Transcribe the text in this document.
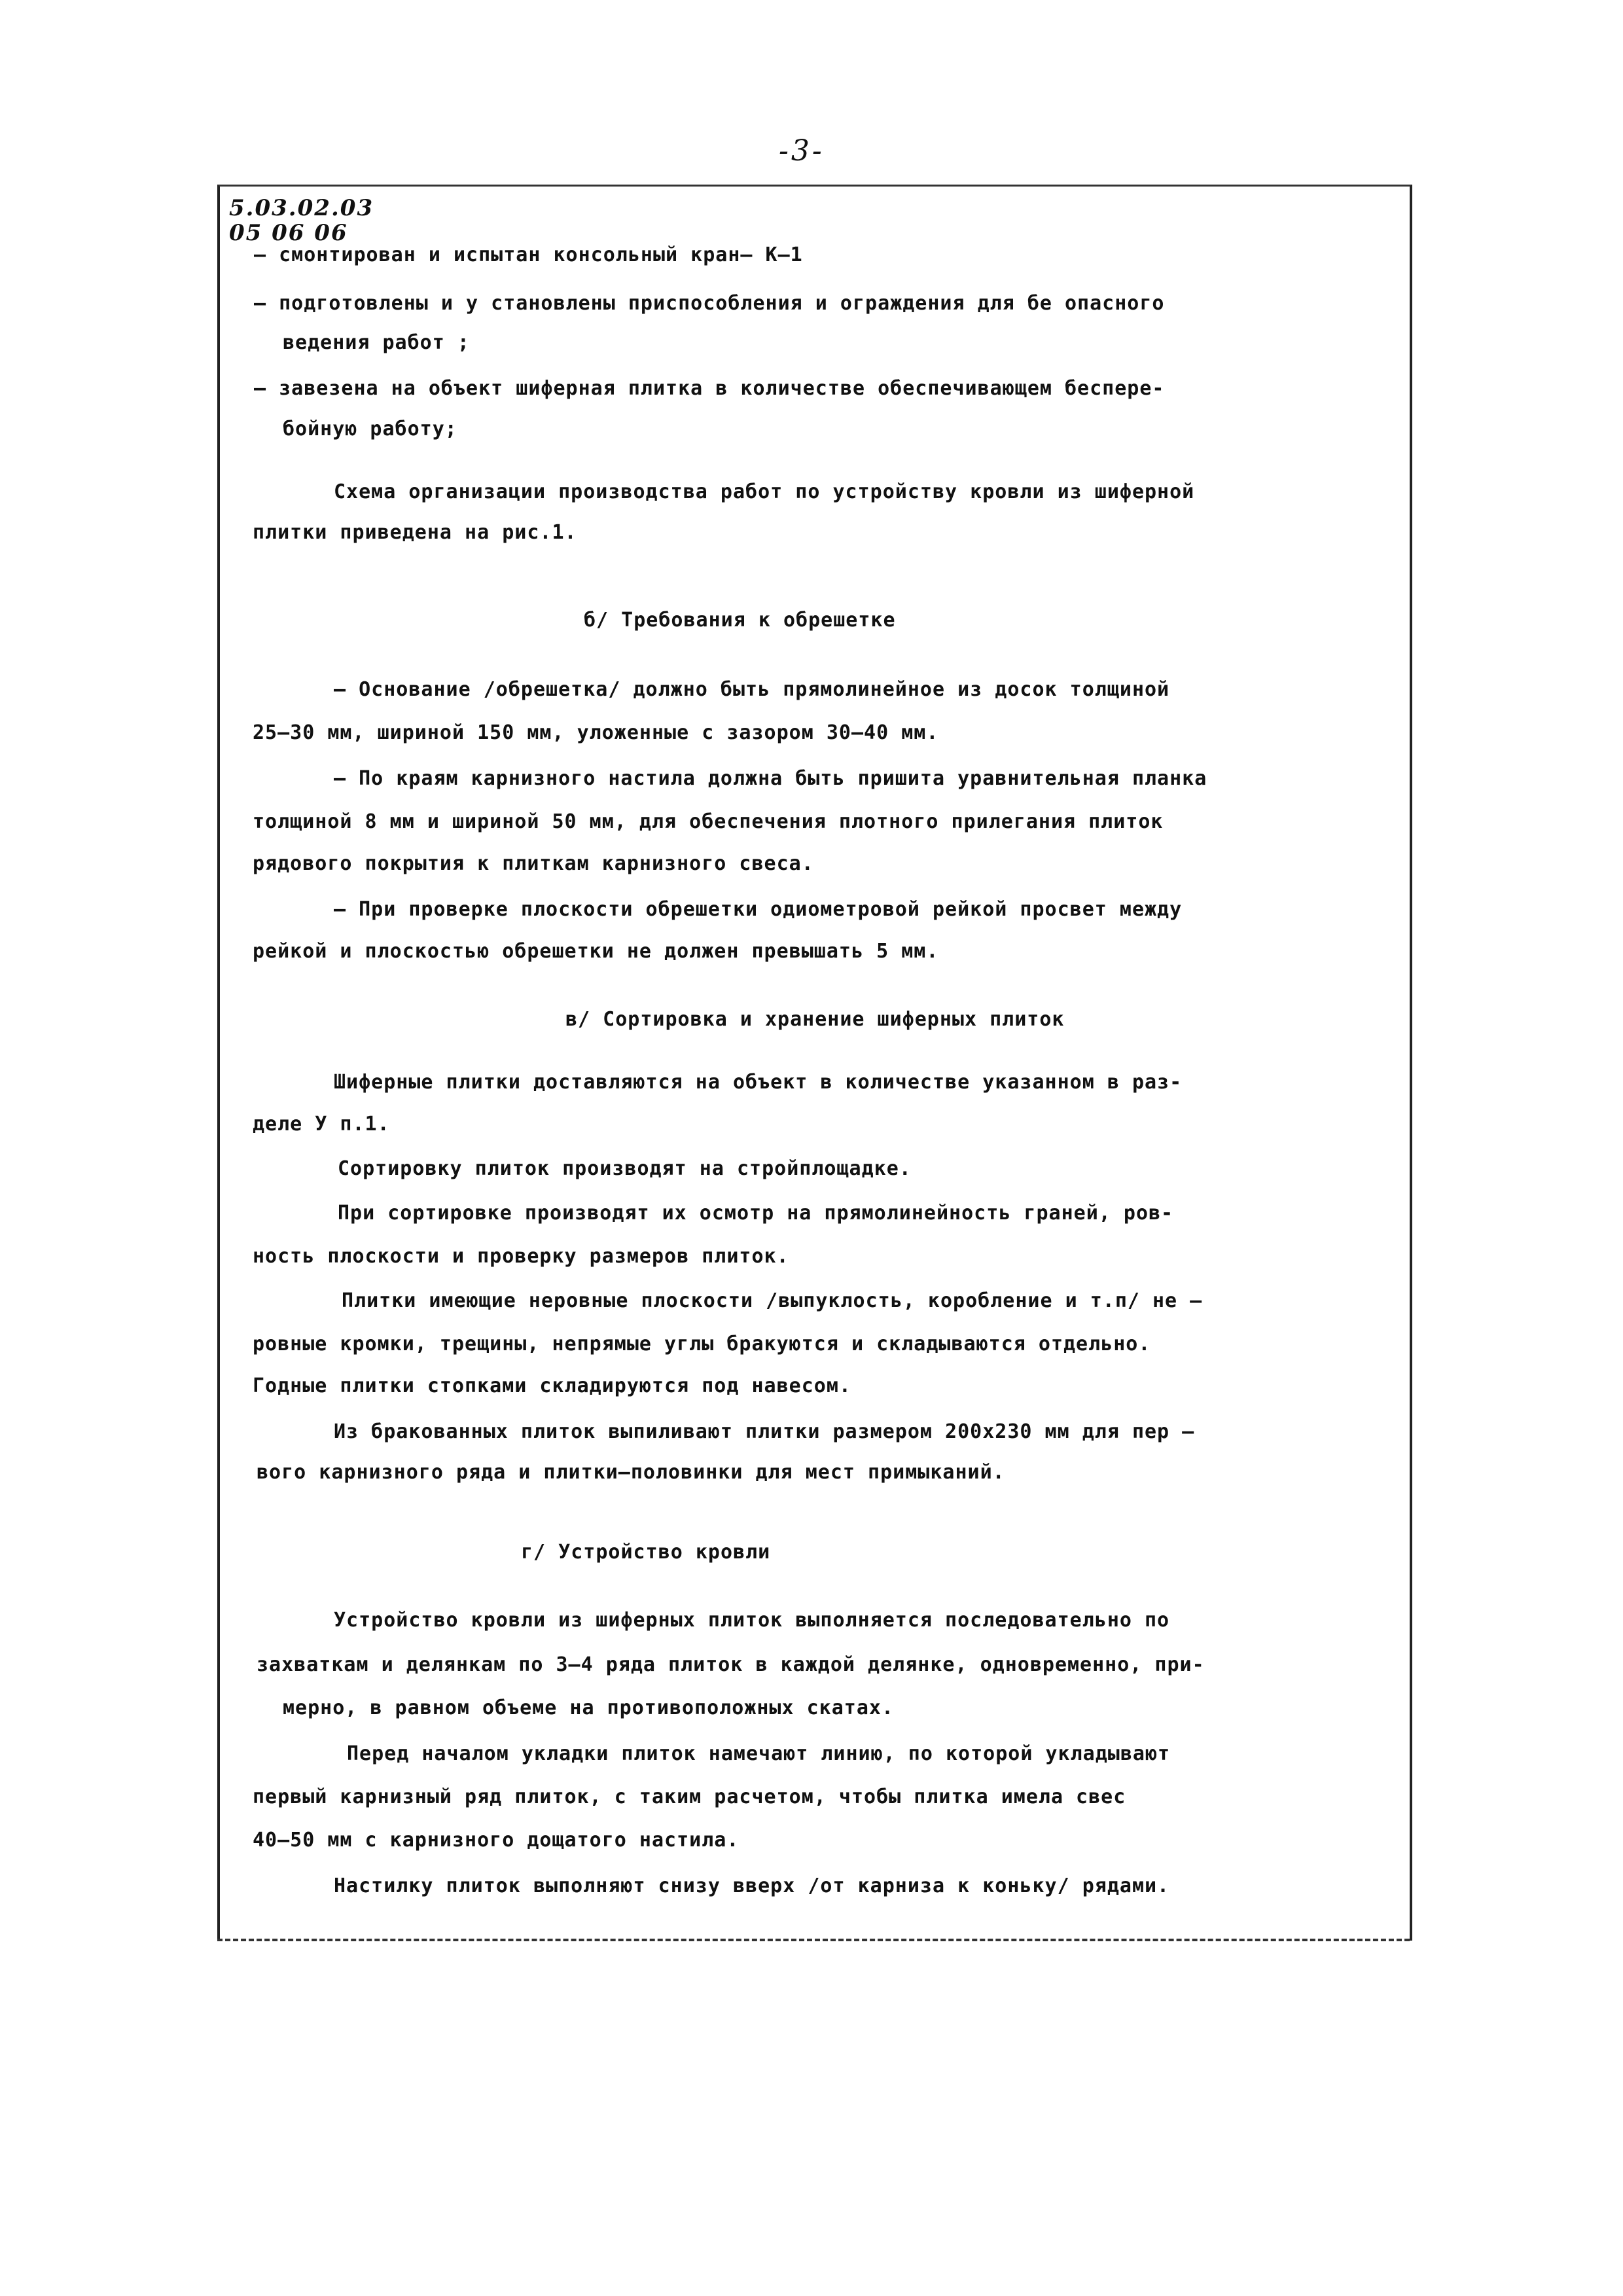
-3-
5.03.02.03
05 06 06
– смонтирован и испытан консольный кран– К–1
– подготовлены и у становлены приспособления и ограждения для бе опасного
ведения работ ;
– завезена на объект шиферная плитка в количестве обеспечивающем бесперe-
бойную работу;
Схема организации производства работ по устройству кровли из шиферной
плитки приведена на рис.1.
б/ Требования к обрешетке
– Основание /обрешетка/ должно быть прямолинейное из досок толщиной
25–30 мм, шириной 150 мм, уложенные с зазором 30–40 мм.
– По краям карнизного настила должна быть пришита уравнительная планка
толщиной 8 мм и шириной 50 мм, для обеспечения плотного прилегания плиток
рядового покрытия к плиткам карнизного свеса.
– При проверке плоскости обрешетки одиометровой рейкой просвет между
рейкой и плоскостью обрешетки не должен превышать 5 мм.
в/ Сортировка и хранение шиферных плиток
Шиферные плитки доставляются на объект в количестве указанном в раз-
деле У п.1.
Сортировку плиток производят на стройплощадке.
При сортировке производят их осмотр на прямолинейность граней, ров-
ность плоскости и проверку размеров плиток.
Плитки имеющие неровные плоскости /выпуклость, коробление и т.п/ не –
ровные кромки, трещины, непрямые углы бракуются и складываются отдельно.
Годные плитки стопками складируются под навесом.
Из бракованных плиток выпиливают плитки размером 200х230 мм для пер –
вого карнизного ряда и плитки–половинки для мест примыканий.
г/ Устройство кровли
Устройство кровли из шиферных плиток выполняется последовательно по
захваткам и делянкам по 3–4 ряда плиток в каждой делянке, одновременно, при-
мерно, в равном объеме на противоположных скатах.
Перед началом укладки плиток намечают линию, по которой укладывают
первый карнизный ряд плиток, с таким расчетом, чтобы плитка имела свес
40–50 мм с карнизного дощатого настила.
Настилку плиток выполняют снизу вверх /от карниза к коньку/ рядами.
